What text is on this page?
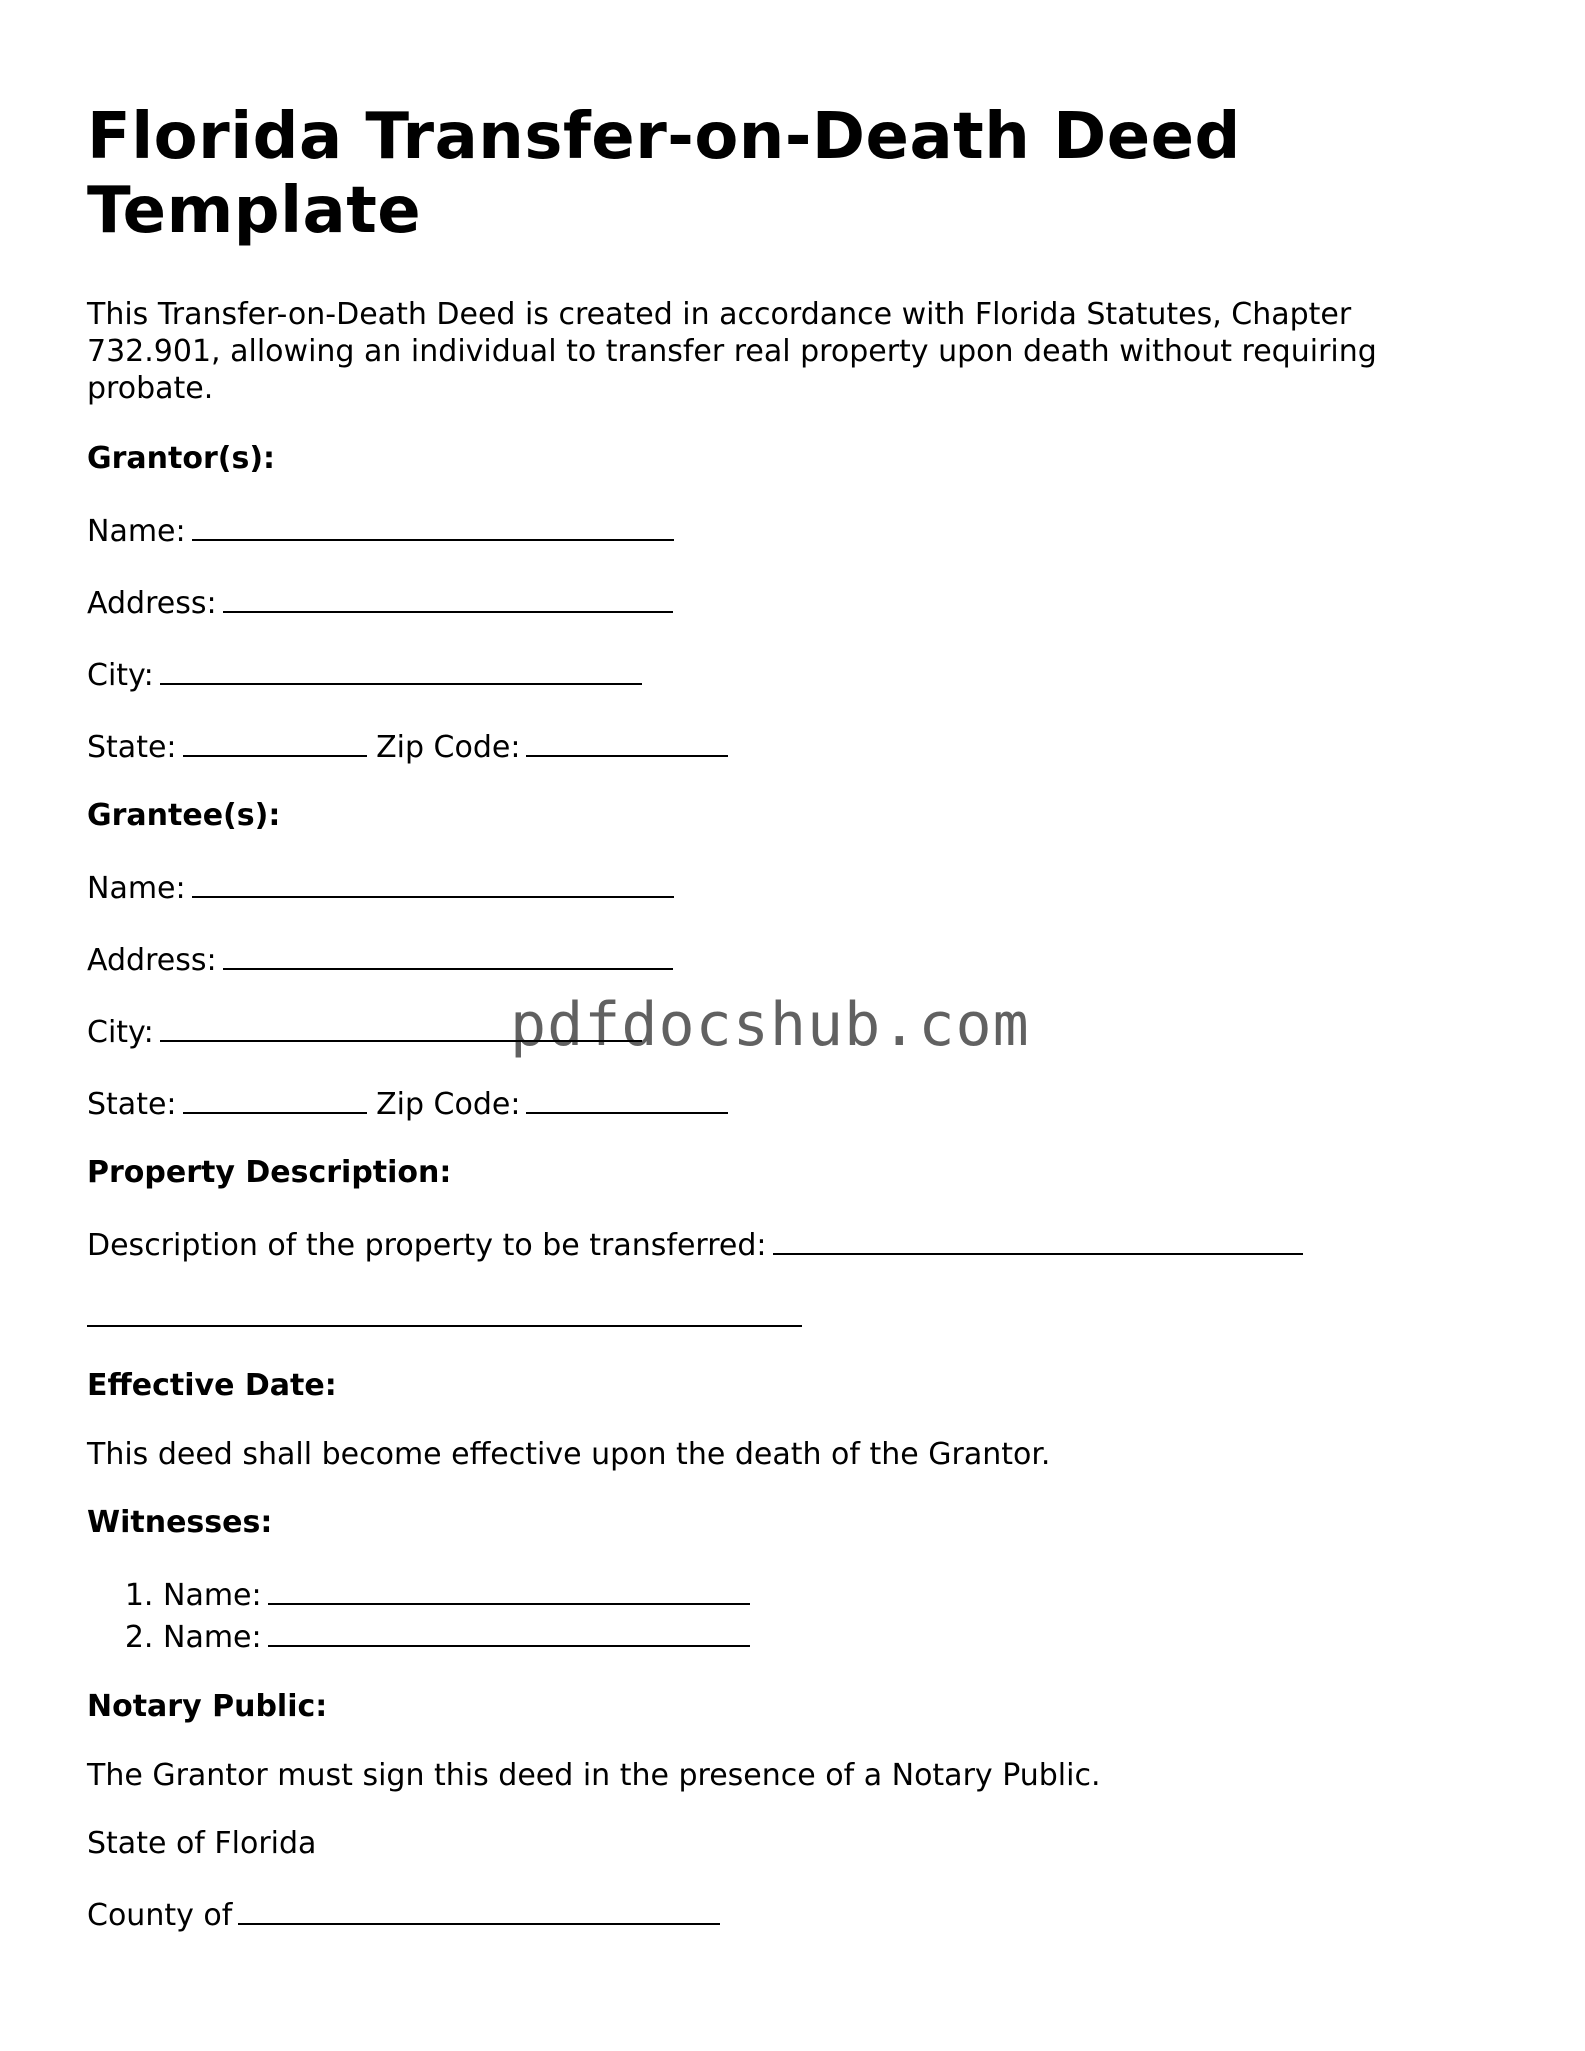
Florida Transfer-on-Death Deed Template

This Transfer-on-Death Deed is created in accordance with Florida Statutes, Chapter 732.901, allowing an individual to transfer real property upon death without requiring probate.

Grantor(s):
Name:
Address:
City:
State:	Zip Code:
Grantee(s):
Name:
Address:
City:
State:	Zip Code:
Property Description:
Description of the property to be transferred:
Effective Date:
This deed shall become effective upon the death of the Grantor.
Witnesses:
1. Name:
2. Name:
Notary Public:
The Grantor must sign this deed in the presence of a Notary Public.
State of Florida
County of
pdfdocshub.com
